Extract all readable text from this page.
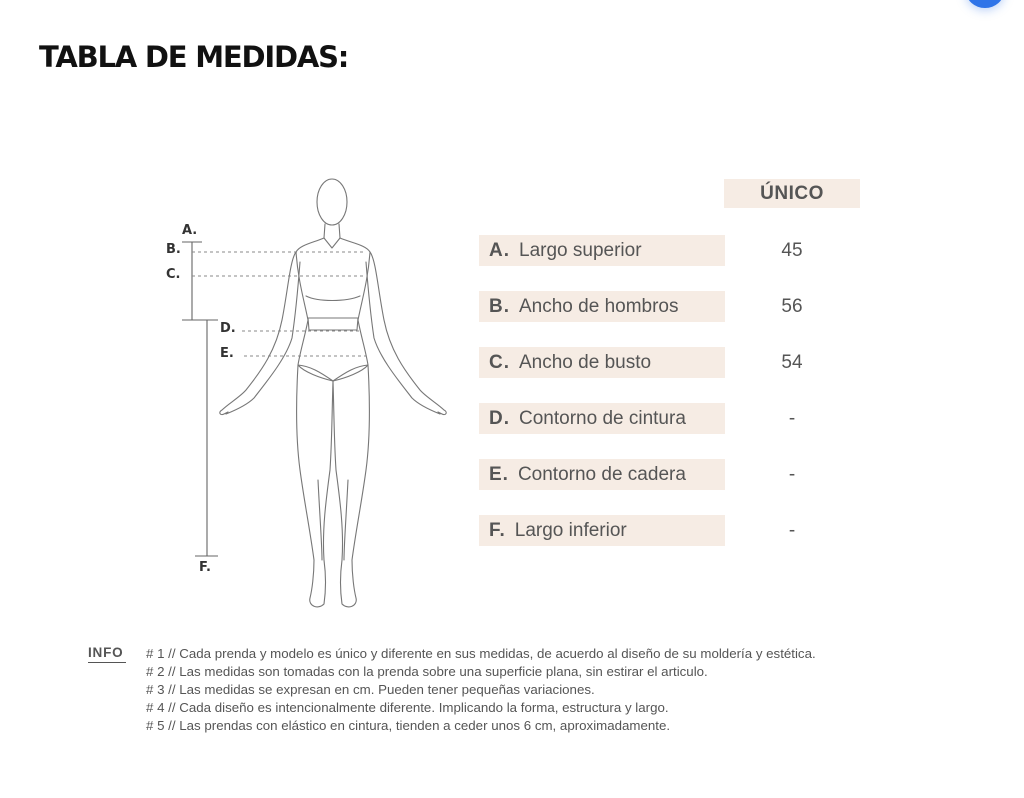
TABLA DE MEDIDAS:
A.
B.
C.
D.
E.
F.
ÚNICO
A. Largo superior	45
B. Ancho de hombros	56
C. Ancho de busto	54
D. Contorno de cintura	-
E. Contorno de cadera	-
F. Largo inferior	-
INFO # 1 // Cada prenda y modelo es único y diferente en sus medidas, de acuerdo al diseño de su moldería y estética.
# 2 // Las medidas son tomadas con la prenda sobre una superficie plana, sin estirar el articulo.
# 3 // Las medidas se expresan en cm. Pueden tener pequeñas variaciones.
# 4 // Cada diseño es intencionalmente diferente. Implicando la forma, estructura y largo.
# 5 // Las prendas con elástico en cintura, tienden a ceder unos 6 cm, aproximadamente.
